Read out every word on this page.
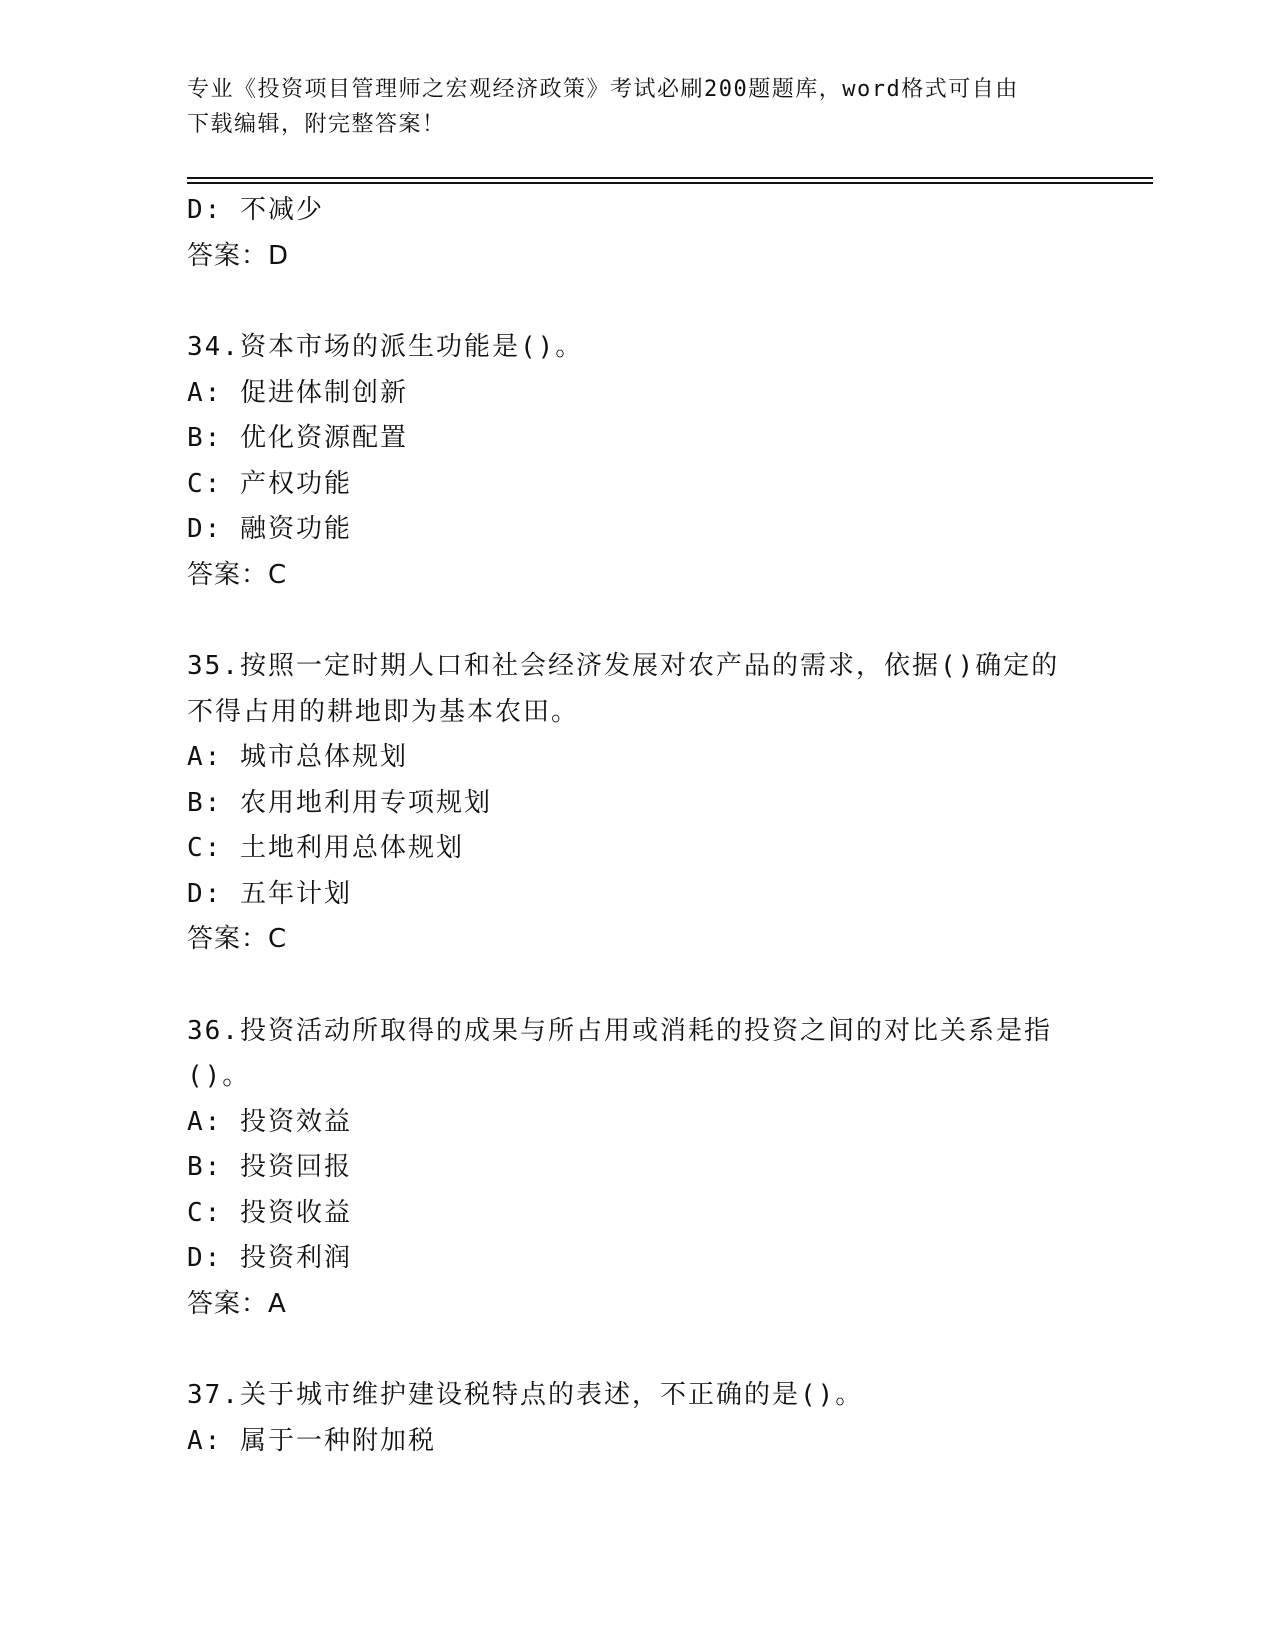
专业《投资项目管理师之宏观经济政策》考试必刷200题题库，word格式可自由
下载编辑，附完整答案！
D: 不减少
答案：D
34.资本市场的派生功能是()。
A: 促进体制创新
B: 优化资源配置
C: 产权功能
D: 融资功能
答案：C
35.按照一定时期人口和社会经济发展对农产品的需求，依据()确定的
不得占用的耕地即为基本农田。
A: 城市总体规划
B: 农用地利用专项规划
C: 土地利用总体规划
D: 五年计划
答案：C
36.投资活动所取得的成果与所占用或消耗的投资之间的对比关系是指
()。
A: 投资效益
B: 投资回报
C: 投资收益
D: 投资利润
答案：A
37.关于城市维护建设税特点的表述，不正确的是()。
A: 属于一种附加税
